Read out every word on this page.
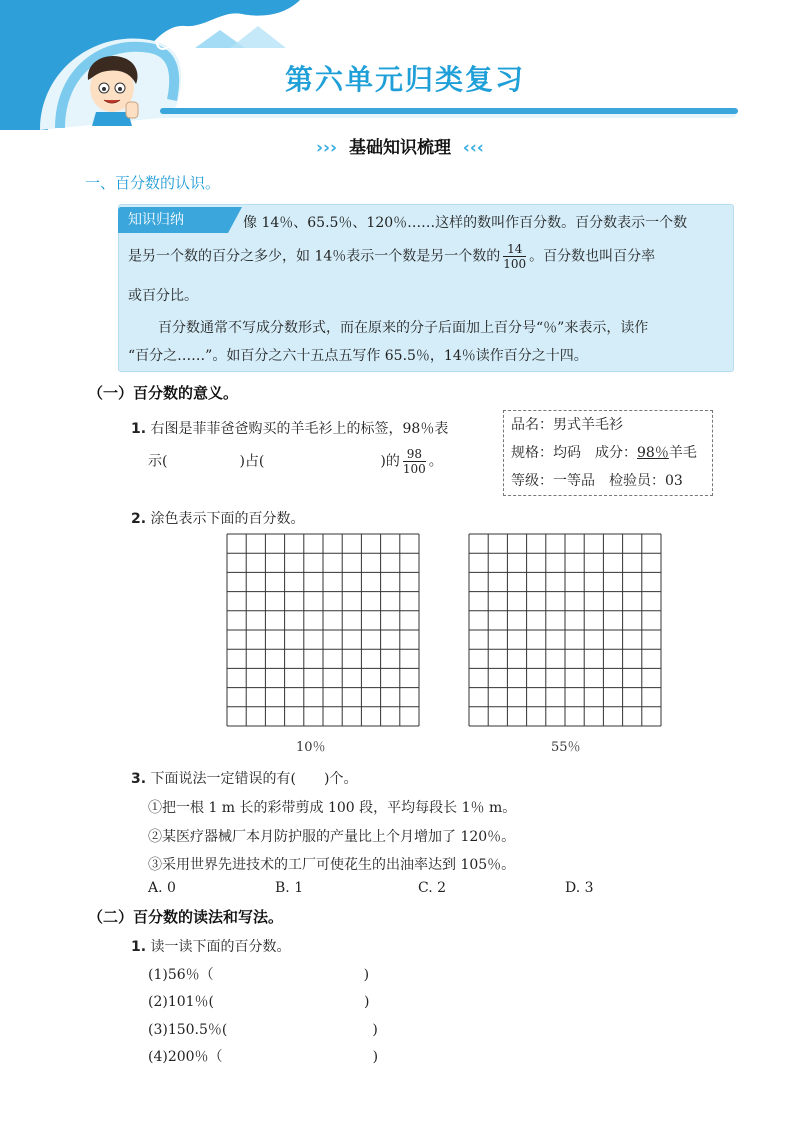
第六单元归类复习
››› 基础知识梳理 ‹‹‹
一、百分数的认识。
知识归纳	像 14％、65.5％、120％……这样的数叫作百分数。百分数表示一个数
是另一个数的百分之多少，如 14％表示一个数是另一个数的 $\frac{14}{100}$ 。百分数也叫百分率
或百分比。
百分数通常不写成分数形式，而在原来的分子后面加上百分号“％”来表示，读作
“百分之……”。如百分之六十五点五写作 65.5％，14％读作百分之十四。
（一）百分数的意义。
1. 右图是菲菲爸爸购买的羊毛衫上的标签，98％表
示(	)占(	)的 $\frac{98}{100}$ 。
品名：男式羊毛衫
规格：均码　成分：98％羊毛
等级：一等品　检验员：03
2. 涂色表示下面的百分数。
10％	55％
3. 下面说法一定错误的有(　　)个。
①把一根 1 m 长的彩带剪成 100 段，平均每段长 1％ m。
②某医疗器械厂本月防护服的产量比上个月增加了 120％。
③采用世界先进技术的工厂可使花生的出油率达到 105％。
A. 0	B. 1	C. 2	D. 3
（二）百分数的读法和写法。
1. 读一读下面的百分数。
(1)56％（	)
(2)101％(	)
(3)150.5％(	)
(4)200％（	)
